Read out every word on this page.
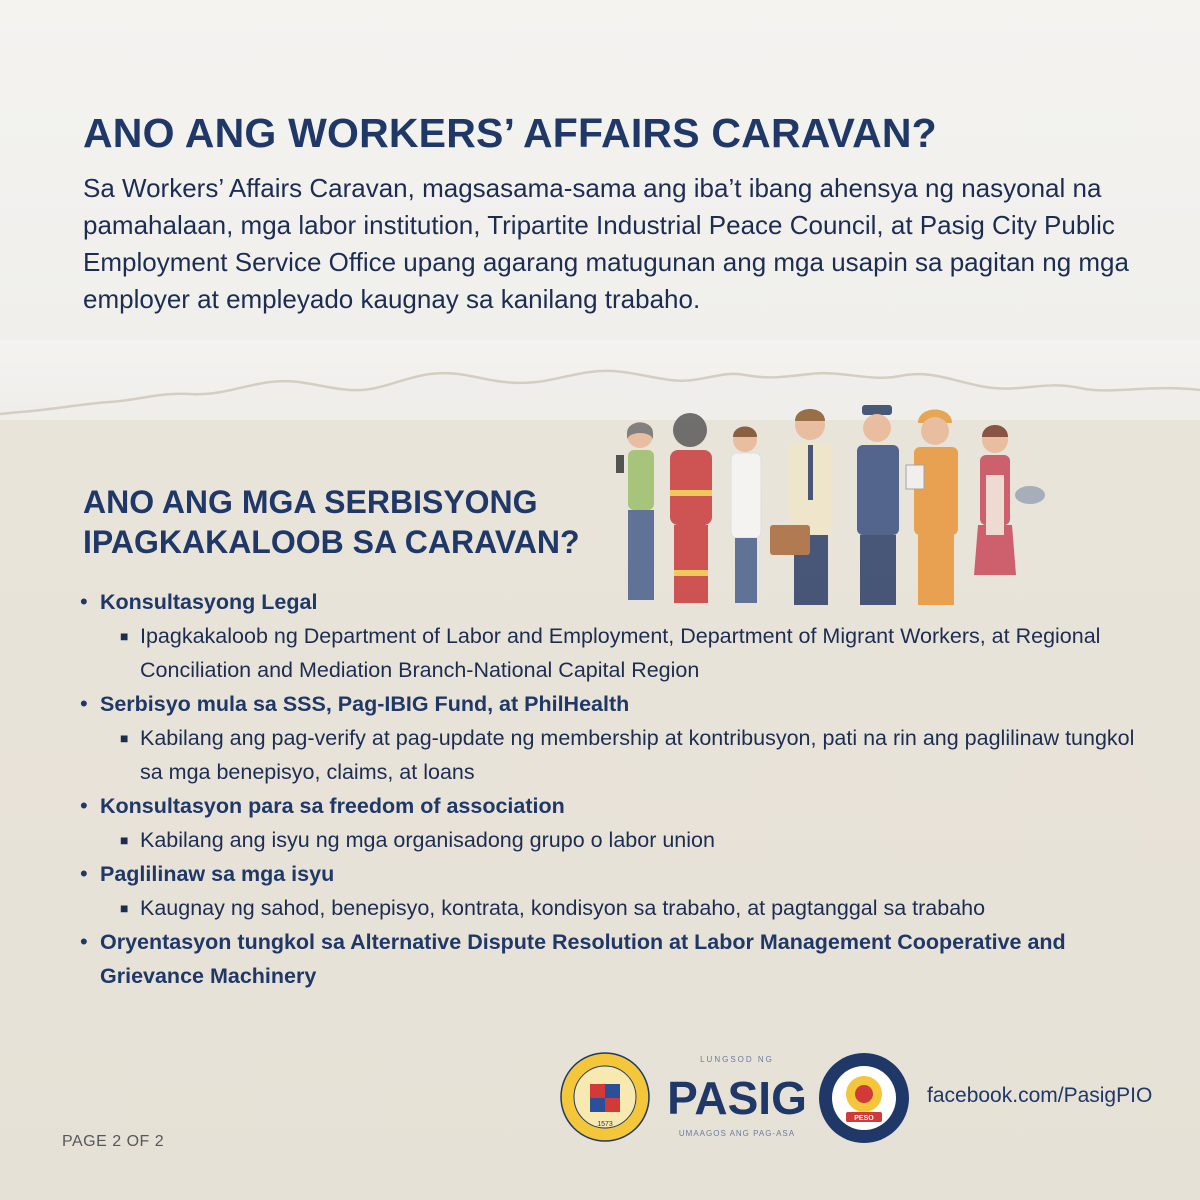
ANO ANG WORKERS’ AFFAIRS CARAVAN?

Sa Workers’ Affairs Caravan, magsasama-sama ang iba’t ibang ahensya ng nasyonal na pamahalaan, mga labor institution, Tripartite Industrial Peace Council, at Pasig City Public Employment Service Office upang agarang matugunan ang mga usapin sa pagitan ng mga employer at empleyado kaugnay sa kanilang trabaho.

ANO ANG MGA SERBISYONG
IPAGKAKALOOB SA CARAVAN?
• Konsultasyong Legal
■ Ipagkakaloob ng Department of Labor and Employment, Department of Migrant Workers, at Regional Conciliation and Mediation Branch-National Capital Region
• Serbisyo mula sa SSS, Pag-IBIG Fund, at PhilHealth
■ Kabilang ang pag-verify at pag-update ng membership at kontribusyon, pati na rin ang paglilinaw tungkol sa mga benepisyo, claims, at loans
• Konsultasyon para sa freedom of association
■ Kabilang ang isyu ng mga organisadong grupo o labor union
• Paglilinaw sa mga isyu
■ Kaugnay ng sahod, benepisyo, kontrata, kondisyon sa trabaho, at pagtanggal sa trabaho
• Oryentasyon tungkol sa Alternative Dispute Resolution at Labor Management Cooperative and Grievance Machinery
1573
LUNGSOD NG
PASIG
UMAAGOS ANG PAG-ASA
PESO
facebook.com/PasigPIO
PAGE 2 OF 2
